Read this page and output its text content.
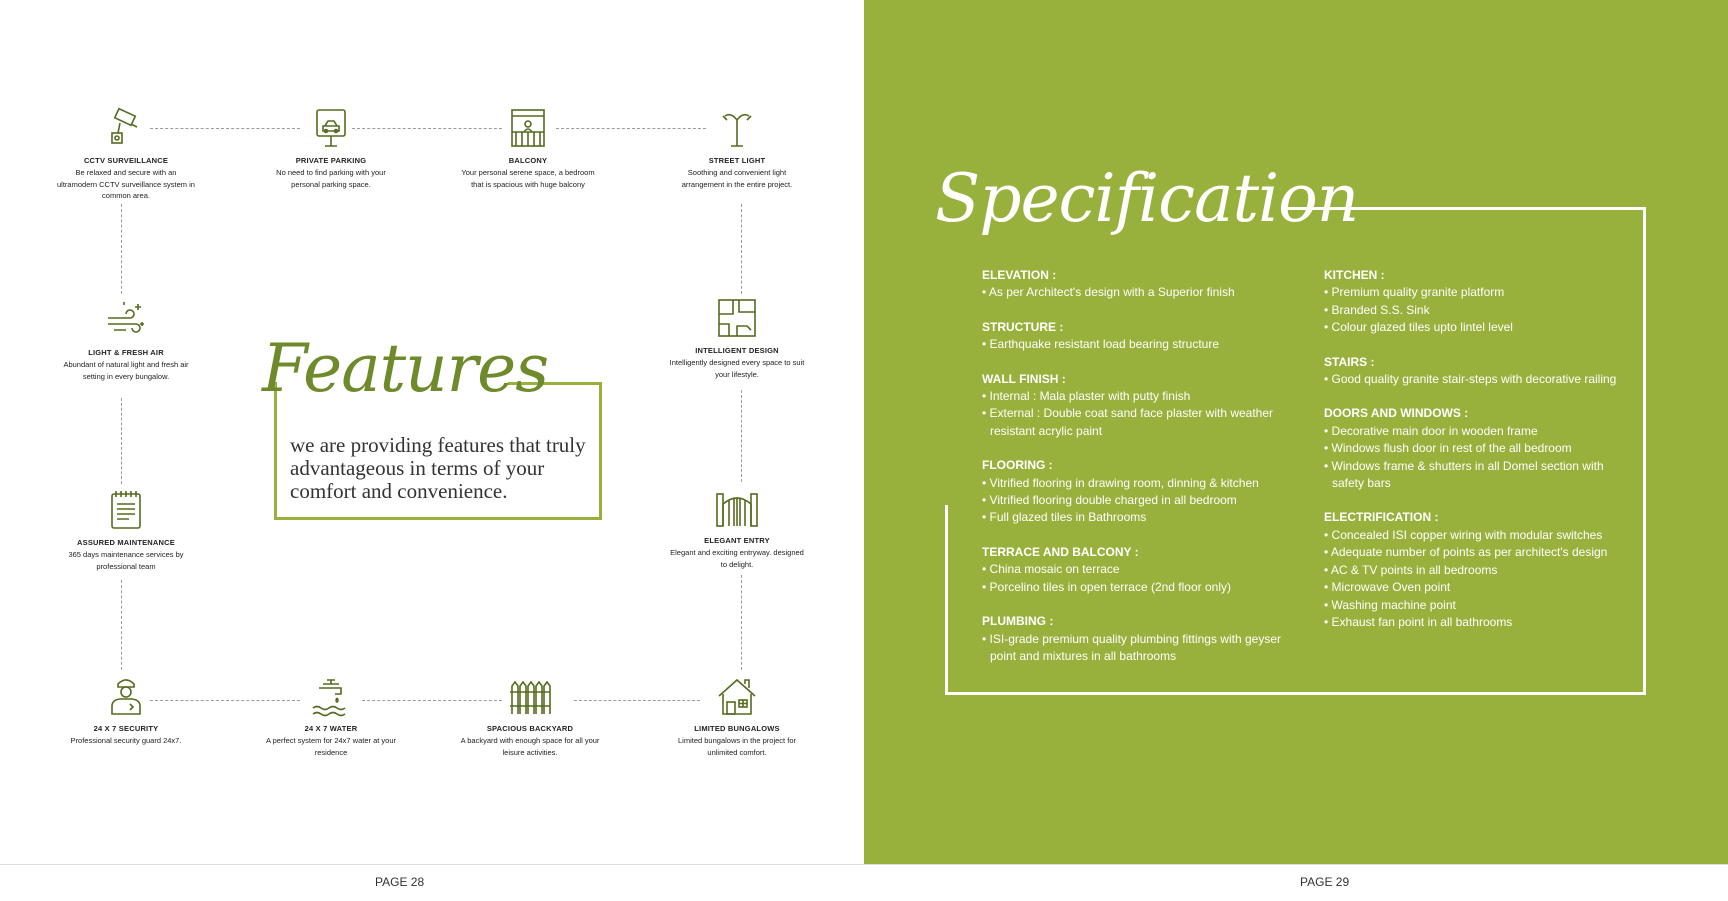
CCTV SURVEILLANCE
Be relaxed and secure with an ultramodern CCTV surveillance system in common area.
PRIVATE PARKING
No need to find parking with your personal parking space.
BALCONY
Your personal serene space, a bedroom that is spacious with huge balcony
STREET LIGHT
Soothing and convenient light arrangement in the entire project.
LIGHT & FRESH AIR
Abundant of natural light and fresh air setting in every bungalow.
INTELLIGENT DESIGN
Intelligently designed every space to suit your lifestyle.
ASSURED MAINTENANCE
365 days maintenance services by professional team
ELEGANT ENTRY
Elegant and exciting entryway. designed to delight.
24 X 7 SECURITY
Professional security guard 24x7.
24 X 7 WATER
A perfect system for 24x7 water at your residence
SPACIOUS BACKYARD
A backyard with enough space for all your leisure activities.
LIMITED BUNGALOWS
Limited bungalows in the project for unlimited comfort.
Features
we are providing features that truly advantageous in terms of your comfort and convenience.
Specification
ELEVATION :
• As per Architect's design with a Superior finish
STRUCTURE :
• Earthquake resistant load bearing structure
WALL FINISH :
• Internal : Mala plaster with putty finish
• External : Double coat sand face plaster with weather resistant acrylic paint
FLOORING :
• Vitrified flooring in drawing room, dinning & kitchen
• Vitrified flooring double charged in all bedroom
• Full glazed tiles in Bathrooms
TERRACE AND BALCONY :
• China mosaic on terrace
• Porcelino tiles in open terrace (2nd floor only)
PLUMBING :
• ISI-grade premium quality plumbing fittings with geyser point and mixtures in all bathrooms
KITCHEN :
• Premium quality granite platform
• Branded S.S. Sink
• Colour glazed tiles upto lintel level
STAIRS :
• Good quality granite stair-steps with decorative railing
DOORS AND WINDOWS :
• Decorative main door in wooden frame
• Windows flush door in rest of the all bedroom
• Windows frame & shutters in all Domel section with safety bars
ELECTRIFICATION :
• Concealed ISI copper wiring with modular switches
• Adequate number of points as per architect's design
• AC & TV points in all bedrooms
• Microwave Oven point
• Washing machine point
• Exhaust fan point in all bathrooms
PAGE 28	PAGE 29
